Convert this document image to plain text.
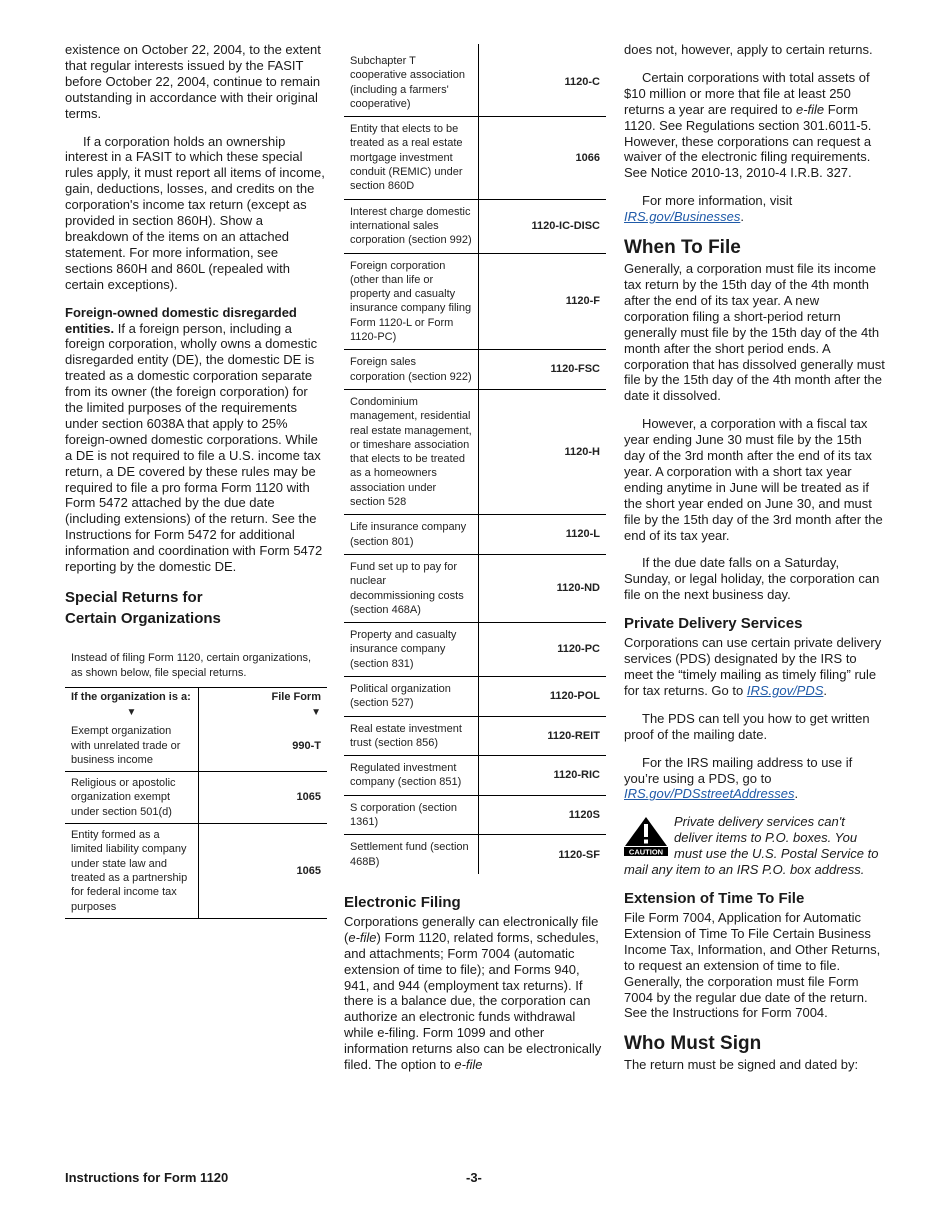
existence on October 22, 2004, to the extent that regular interests issued by the FASIT before October 22, 2004, continue to remain outstanding in accordance with their original terms.

If a corporation holds an ownership interest in a FASIT to which these special rules apply, it must report all items of income, gain, deductions, losses, and credits on the corporation's income tax return (except as provided in section 860H). Show a breakdown of the items on an attached statement. For more information, see sections 860H and 860L (repealed with certain exceptions).

Foreign-owned domestic disregarded entities. If a foreign person, including a foreign corporation, wholly owns a domestic disregarded entity (DE), the domestic DE is treated as a domestic corporation separate from its owner (the foreign corporation) for the limited purposes of the requirements under section 6038A that apply to 25% foreign-owned domestic corporations. While a DE is not required to file a U.S. income tax return, a DE covered by these rules may be required to file a pro forma Form 1120 with Form 5472 attached by the due date (including extensions) of the return. See the Instructions for Form 5472 for additional information and coordination with Form 5472 reporting by the domestic DE.

Special Returns for
Certain Organizations
Instead of filing Form 1120, certain organizations, as shown below, file special returns.
If the organization is a:	File Form
▼	▼
Exempt organization with unrelated trade or business income	990-T
Religious or apostolic organization exempt under section 501(d)	1065
Entity formed as a limited liability company under state law and treated as a partnership for federal income tax purposes	1065
Subchapter T cooperative association (including a farmers' cooperative)	1120-C
Entity that elects to be treated as a real estate mortgage investment conduit (REMIC) under section 860D	1066
Interest charge domestic international sales corporation (section 992)	1120-IC-DISC
Foreign corporation (other than life or property and casualty insurance company filing Form 1120-L or Form 1120-PC)	1120-F
Foreign sales corporation (section 922)	1120-FSC
Condominium management, residential real estate management, or timeshare association that elects to be treated as a homeowners association under section 528	1120-H
Life insurance company (section 801)	1120-L
Fund set up to pay for nuclear decommissioning costs (section 468A)	1120-ND
Property and casualty insurance company (section 831)	1120-PC
Political organization (section 527)	1120-POL
Real estate investment trust (section 856)	1120-REIT
Regulated investment company (section 851)	1120-RIC
S corporation (section 1361)	1120S
Settlement fund (section 468B)	1120-SF
Electronic Filing

Corporations generally can electronically file (e-file) Form 1120, related forms, schedules, and attachments; Form 7004 (automatic extension of time to file); and Forms 940, 941, and 944 (employment tax returns). If there is a balance due, the corporation can authorize an electronic funds withdrawal while e-filing. Form 1099 and other information returns also can be electronically filed. The option to e-file

does not, however, apply to certain returns.

Certain corporations with total assets of $10 million or more that file at least 250 returns a year are required to e-file Form 1120. See Regulations section 301.6011-5. However, these corporations can request a waiver of the electronic filing requirements. See Notice 2010-13, 2010-4 I.R.B. 327.

For more information, visit IRS.gov/Businesses.

When To File

Generally, a corporation must file its income tax return by the 15th day of the 4th month after the end of its tax year. A new corporation filing a short-period return generally must file by the 15th day of the 4th month after the short period ends. A corporation that has dissolved generally must file by the 15th day of the 4th month after the date it dissolved.

However, a corporation with a fiscal tax year ending June 30 must file by the 15th day of the 3rd month after the end of its tax year. A corporation with a short tax year ending anytime in June will be treated as if the short year ended on June 30, and must file by the 15th day of the 3rd month after the end of its tax year.

If the due date falls on a Saturday, Sunday, or legal holiday, the corporation can file on the next business day.

Private Delivery Services

Corporations can use certain private delivery services (PDS) designated by the IRS to meet the “timely mailing as timely filing” rule for tax returns. Go to IRS.gov/PDS.

The PDS can tell you how to get written proof of the mailing date.

For the IRS mailing address to use if you’re using a PDS, go to IRS.gov/PDSstreetAddresses.

CAUTION
Private delivery services can't deliver items to P.O. boxes. You must use the U.S. Postal Service to mail any item to an IRS P.O. box address.
Extension of Time To File

File Form 7004, Application for Automatic Extension of Time To File Certain Business Income Tax, Information, and Other Returns, to request an extension of time to file. Generally, the corporation must file Form 7004 by the regular due date of the return. See the Instructions for Form 7004.

Who Must Sign

The return must be signed and dated by:

Instructions for Form 1120	-3-
